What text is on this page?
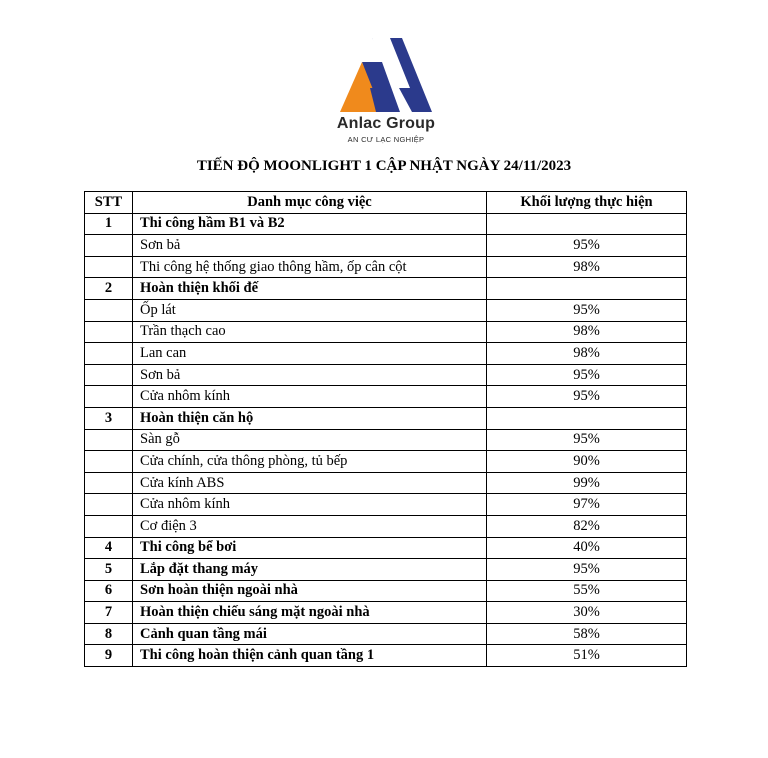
Anlac Group
AN CƯ LẠC NGHIỆP
TIẾN ĐỘ MOONLIGHT 1 CẬP NHẬT NGÀY 24/11/2023
STT	Danh mục công việc	Khối lượng thực hiện
1	Thi công hầm B1 và B2	
	Sơn bả	95%
	Thi công hệ thống giao thông hầm, ốp cân cột	98%
2	Hoàn thiện khối đế	
	Ốp lát	95%
	Trần thạch cao	98%
	Lan can	98%
	Sơn bả	95%
	Cửa nhôm kính	95%
3	Hoàn thiện căn hộ	
	Sàn gỗ	95%
	Cửa chính, cửa thông phòng, tủ bếp	90%
	Cửa kính ABS	99%
	Cửa nhôm kính	97%
	Cơ điện 3	82%
4	Thi công bể bơi	40%
5	Lắp đặt thang máy	95%
6	Sơn hoàn thiện ngoài nhà	55%
7	Hoàn thiện chiếu sáng mặt ngoài nhà	30%
8	Cảnh quan tầng mái	58%
9	Thi công hoàn thiện cảnh quan tầng 1	51%
